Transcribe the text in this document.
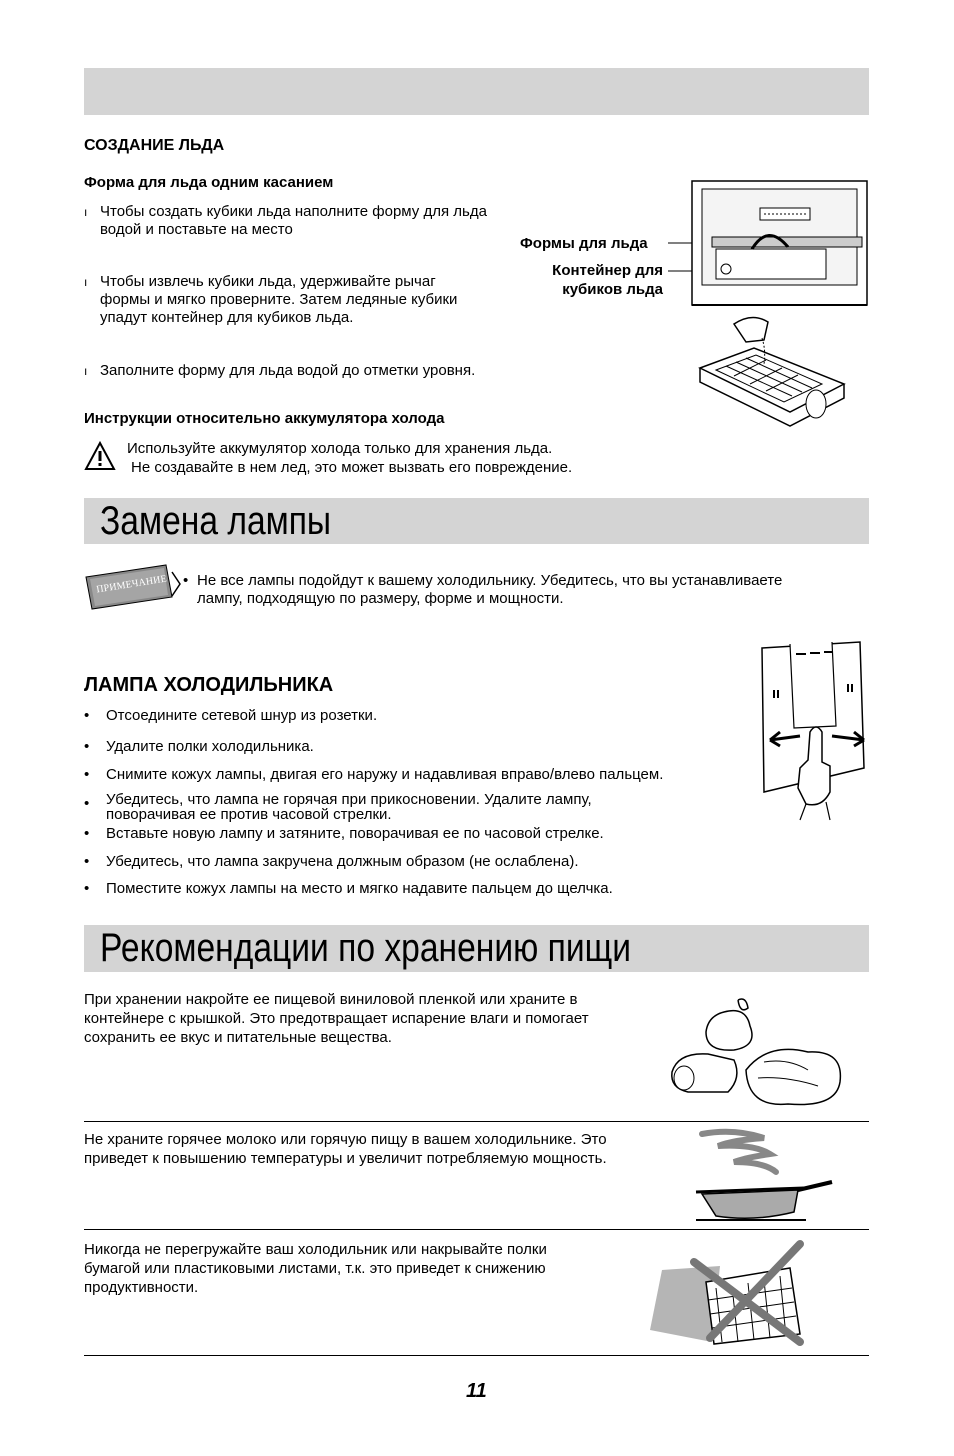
СОЗДАНИЕ ЛЬДА
Форма для льда одним касанием
ı Чтобы создать кубики льда наполните форму для льда
водой и поставьте на место
ı Чтобы извлечь кубики льда, удерживайте рычаг
формы и мягко проверните. Затем ледяные кубики
упадут контейнер для кубиков льда.
ı Заполните форму для льда водой до отметки уровня.
Формы для льда
Контейнер для
кубиков льда
Инструкции относительно аккумулятора холода
Используйте аккумулятор холода только для хранения льда.
Не создавайте в нем лед, это может вызвать его повреждение.
Замена лампы
ПРИМЕЧАНИЕ • Не все лампы подойдут к вашему холодильнику. Убедитесь, что вы устанавливаете
лампу, подходящую по размеру, форме и мощности.
ЛАМПА ХОЛОДИЛЬНИКА
• Отсоедините сетевой шнур из розетки.
• Удалите полки холодильника.
• Снимите кожух лампы, двигая его наружу и надавливая вправо/влево пальцем.
• Убедитесь, что лампа не горячая при прикосновении. Удалите лампу,
поворачивая ее против часовой стрелки.
• Вставьте новую лампу и затяните, поворачивая ее по часовой стрелке.
• Убедитесь, что лампа закручена должным образом (не ослаблена).
• Поместите кожух лампы на место и мягко надавите пальцем до щелчка.
Рекомендации по хранению пищи
При хранении накройте ее пищевой виниловой пленкой или храните в
контейнере с крышкой. Это предотвращает испарение влаги и помогает
сохранить ее вкус и питательные вещества.
Не храните горячее молоко или горячую пищу в вашем холодильнике. Это
приведет к повышению температуры и увеличит потребляемую мощность.
Никогда не перегружайте ваш холодильник или накрывайте полки
бумагой или пластиковыми листами, т.к. это приведет к снижению
продуктивности.
11
